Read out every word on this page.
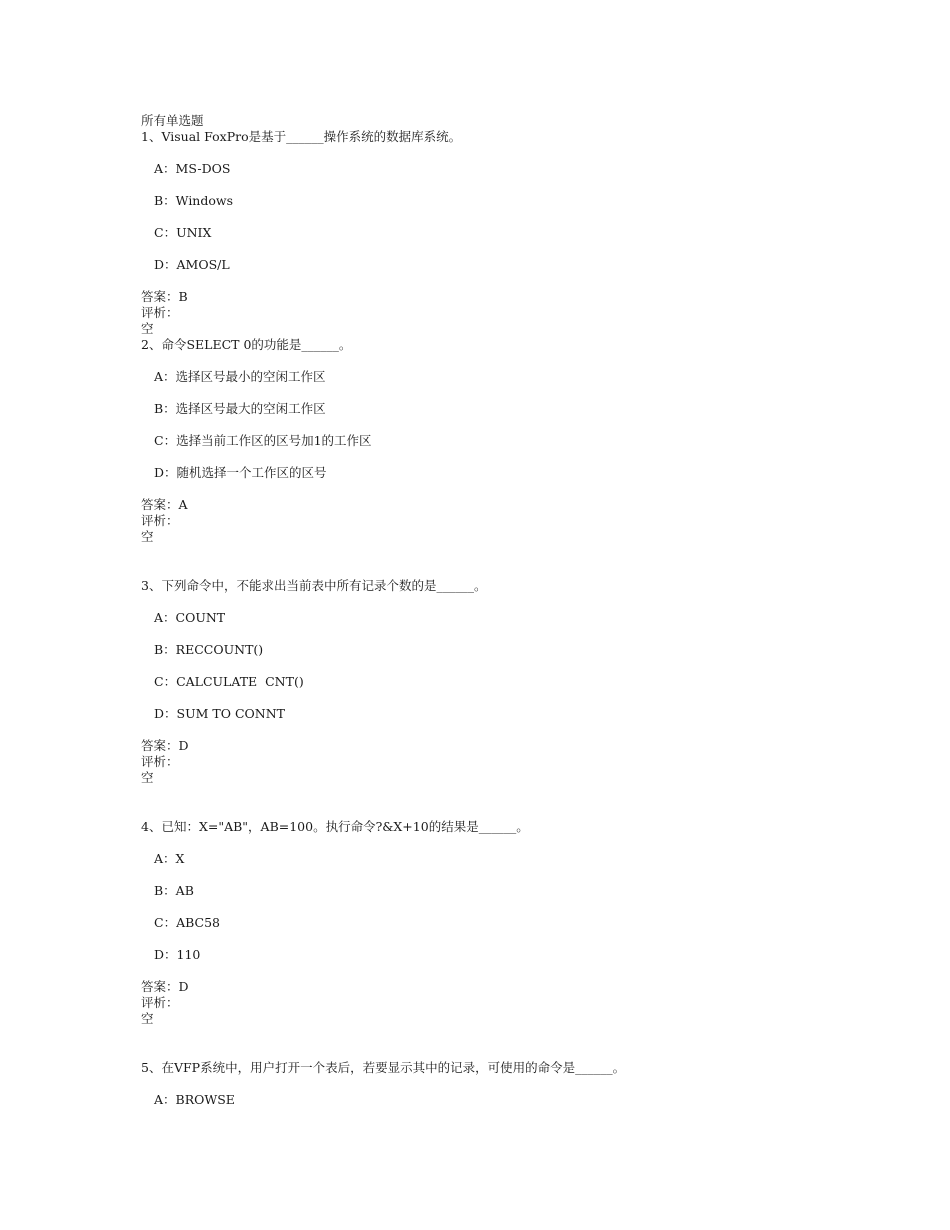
所有单选题
1、Visual FoxPro是基于______操作系统的数据库系统。
A：MS-DOS
B：Windows
C：UNIX
D：AMOS/L
答案：B
评析：
空
2、命令SELECT 0的功能是______。
A：选择区号最小的空闲工作区
B：选择区号最大的空闲工作区
C：选择当前工作区的区号加1的工作区
D：随机选择一个工作区的区号
答案：A
评析：
空
3、下列命令中，不能求出当前表中所有记录个数的是______。
A：COUNT
B：RECCOUNT()
C：CALCULATE  CNT()
D：SUM TO CONNT
答案：D
评析：
空
4、已知：X="AB"，AB=100。执行命令?&X+10的结果是______。
A：X
B：AB
C：ABC58
D：110
答案：D
评析：
空
5、在VFP系统中，用户打开一个表后，若要显示其中的记录，可使用的命令是______。
A：BROWSE
